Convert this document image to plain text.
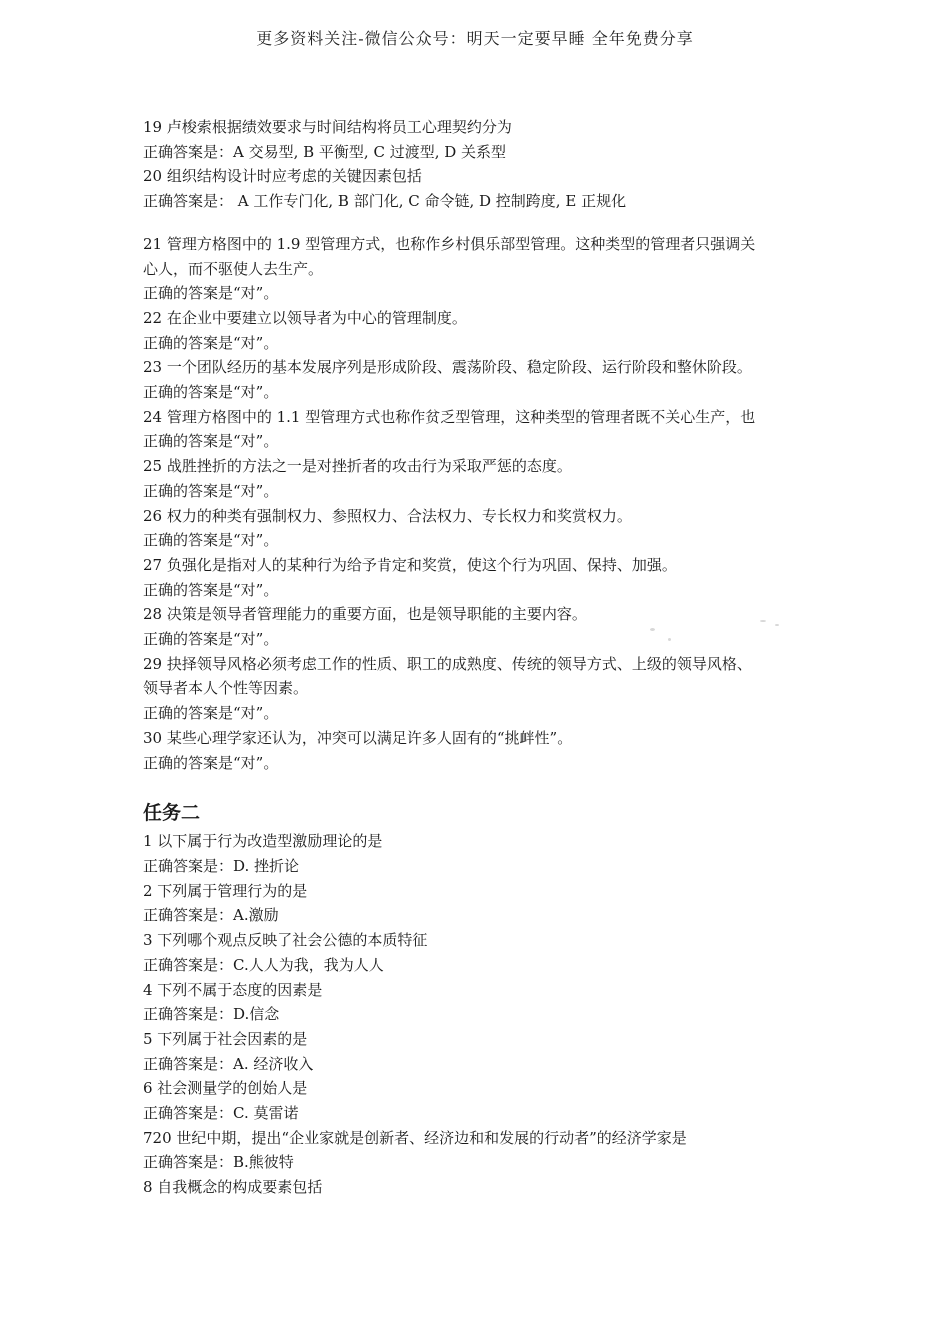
更多资料关注-微信公众号：明天一定要早睡 全年免费分享
19 卢梭索根据绩效要求与时间结构将员工心理契约分为
正确答案是：A 交易型, B 平衡型, C 过渡型, D 关系型
20 组织结构设计时应考虑的关键因素包括
正确答案是： A 工作专门化, B 部门化, C 命令链, D 控制跨度, E 正规化
21 管理方格图中的 1.9 型管理方式，也称作乡村俱乐部型管理。这种类型的管理者只强调关
心人，而不驱使人去生产。
正确的答案是“对”。
22 在企业中要建立以领导者为中心的管理制度。
正确的答案是“对”。
23 一个团队经历的基本发展序列是形成阶段、震荡阶段、稳定阶段、运行阶段和整休阶段。
正确的答案是“对”。
24 管理方格图中的 1.1 型管理方式也称作贫乏型管理，这种类型的管理者既不关心生产，也
正确的答案是“对”。
25 战胜挫折的方法之一是对挫折者的攻击行为采取严惩的态度。
正确的答案是“对”。
26 权力的种类有强制权力、参照权力、合法权力、专长权力和奖赏权力。
正确的答案是“对”。
27 负强化是指对人的某种行为给予肯定和奖赏，使这个行为巩固、保持、加强。
正确的答案是“对”。
28 决策是领导者管理能力的重要方面，也是领导职能的主要内容。
正确的答案是“对”。
29 抉择领导风格必须考虑工作的性质、职工的成熟度、传统的领导方式、上级的领导风格、
领导者本人个性等因素。
正确的答案是“对”。
30 某些心理学家还认为，冲突可以满足许多人固有的“挑衅性”。
正确的答案是“对”。
任务二
1 以下属于行为改造型激励理论的是
正确答案是：D. 挫折论
2 下列属于管理行为的是
正确答案是：A.激励
3 下列哪个观点反映了社会公德的本质特征
正确答案是：C.人人为我，我为人人
4 下列不属于态度的因素是
正确答案是：D.信念
5 下列属于社会因素的是
正确答案是：A. 经济收入
6 社会测量学的创始人是
正确答案是：C. 莫雷诺
720 世纪中期，提出“企业家就是创新者、经济边和和发展的行动者”的经济学家是
正确答案是：B.熊彼特
8 自我概念的构成要素包括
